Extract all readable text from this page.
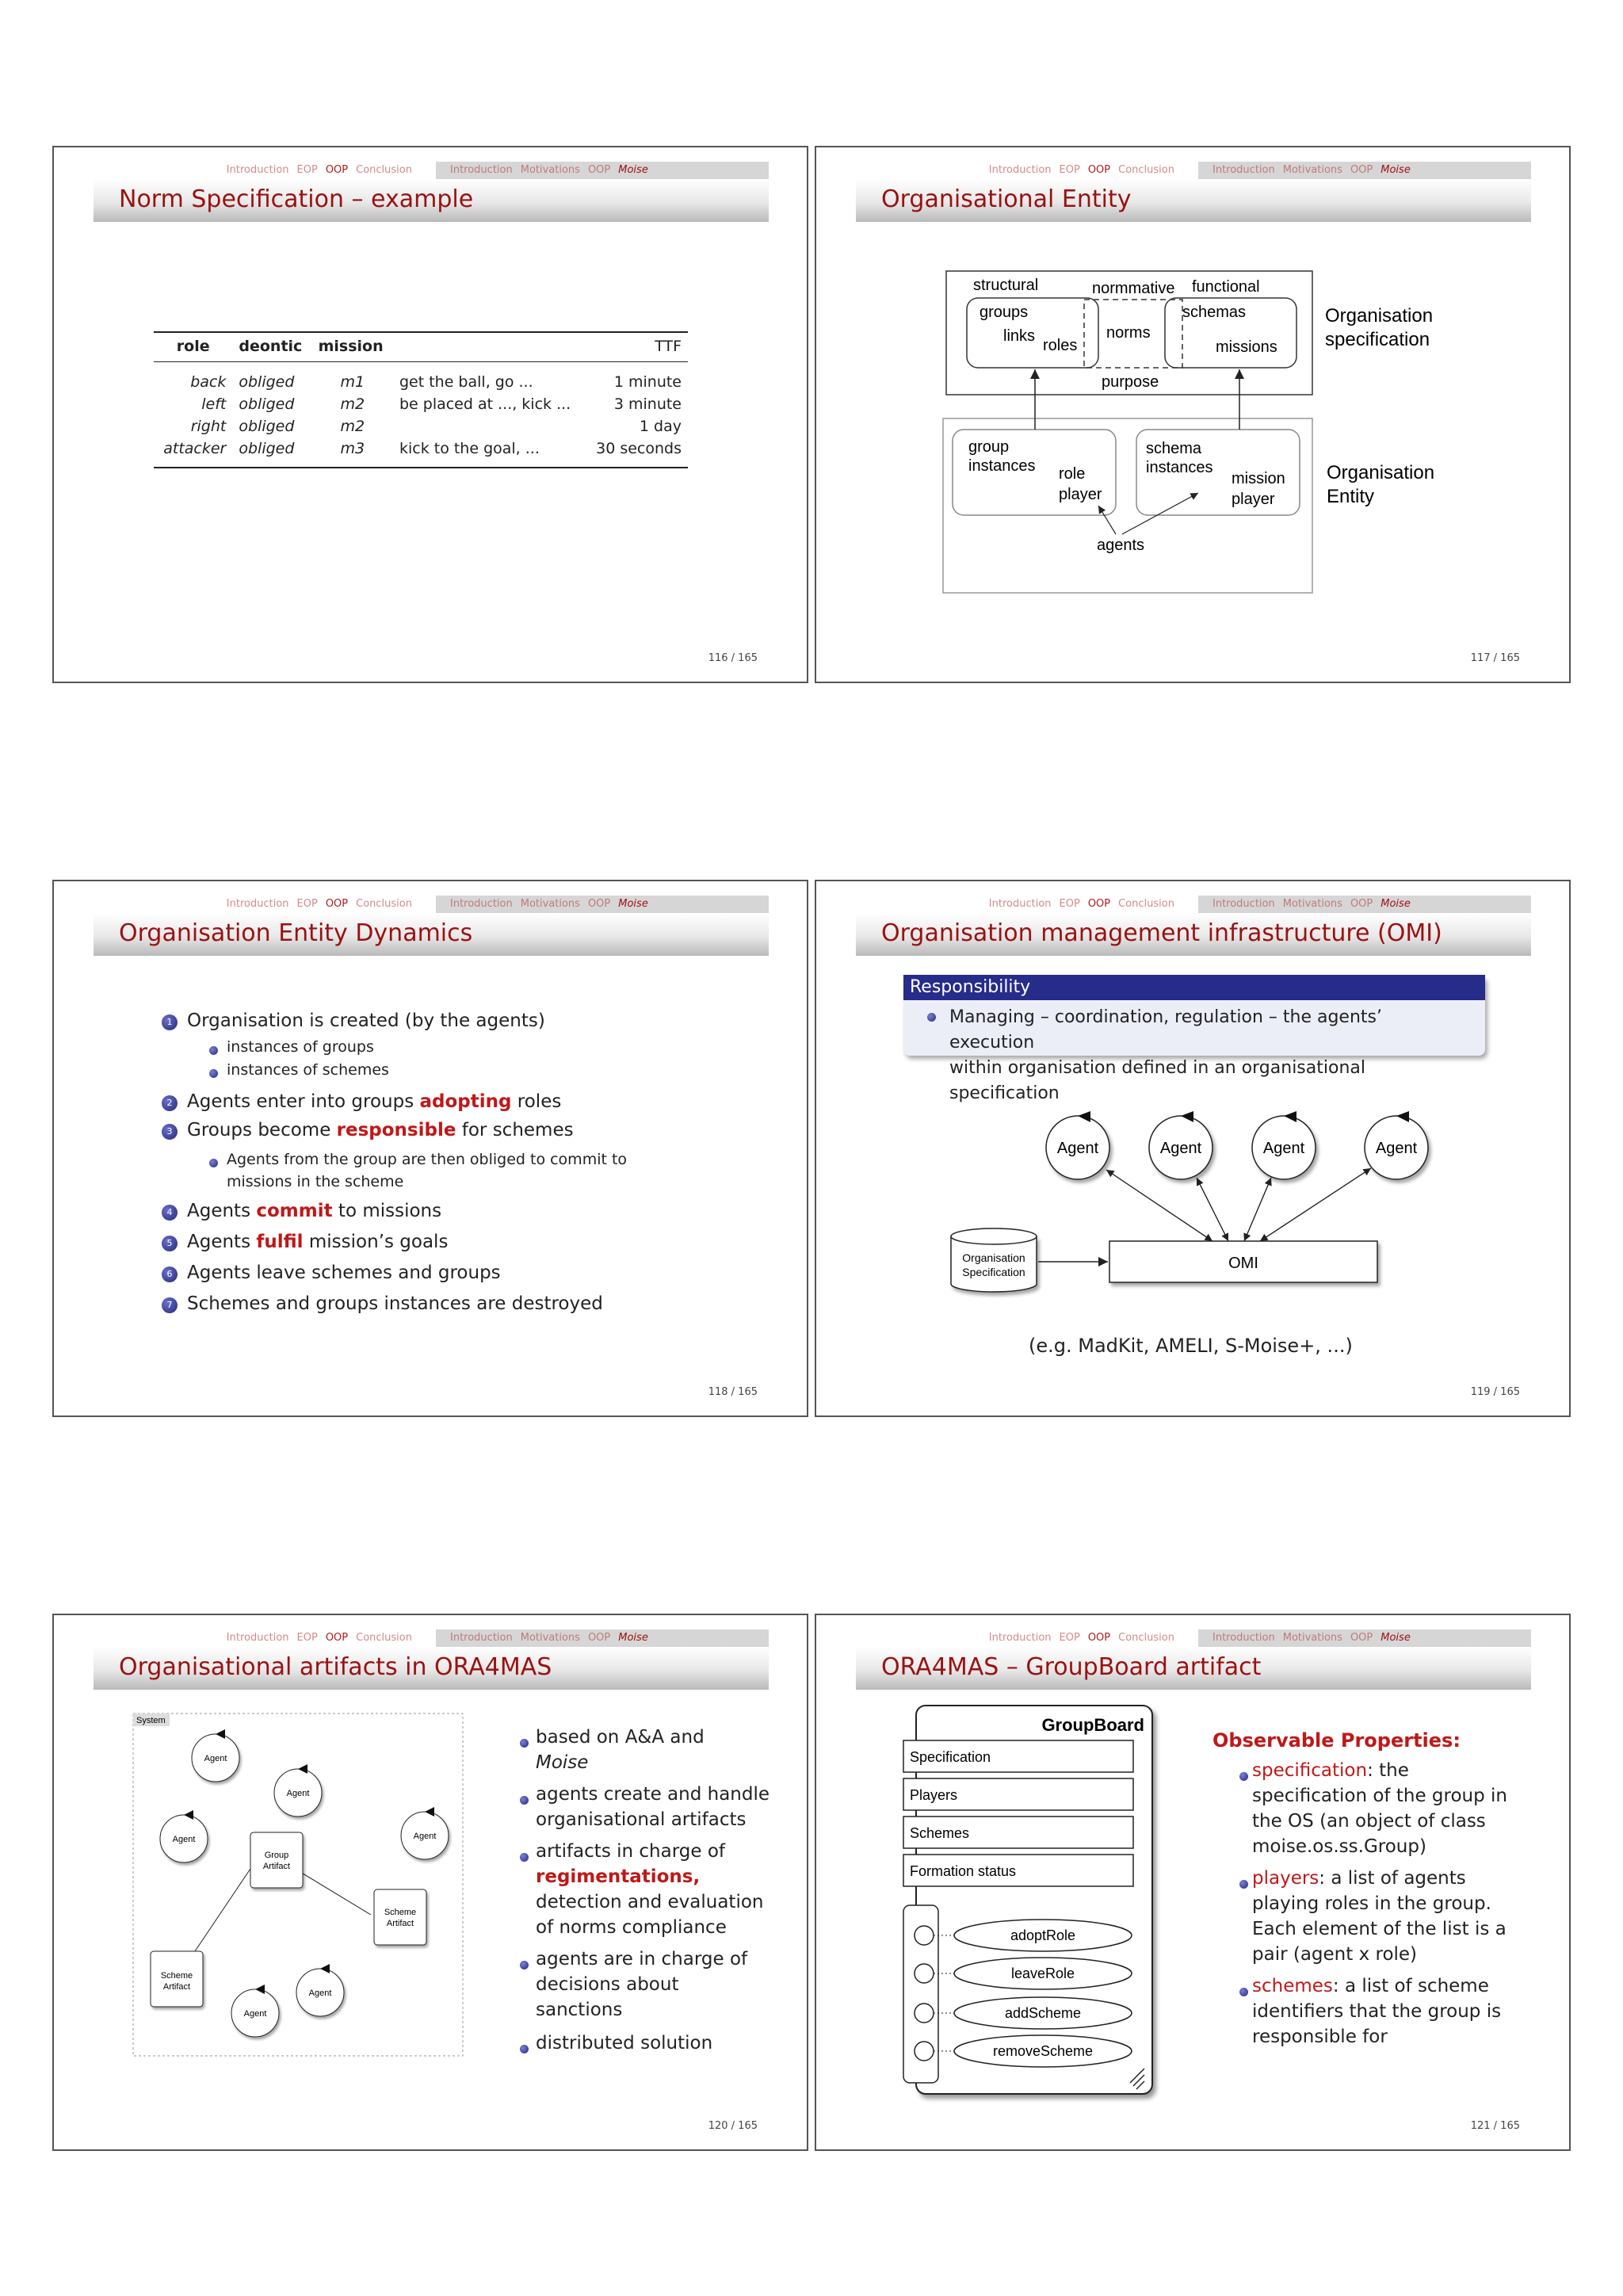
Introduction EOP OOP Conclusion	Introduction Motivations OOP Moise
Norm Specification – example
role	deontic	mission		TTF
back	obliged	m1	get the ball, go ...	1 minute
left	obliged	m2	be placed at ..., kick ...	3 minute
right	obliged	m2		1 day
attacker	obliged	m3	kick to the goal, ...	30 seconds
116 / 165
Introduction EOP OOP Conclusion	Introduction Motivations OOP Moise
Organisational Entity
structural	normmative functional
groups
links
roles
norms
schemas
missions
purpose
Organisation
specification
group
instances role
player
schema
instances
mission
player
agents
Organisation
Entity
117 / 165
Introduction EOP OOP Conclusion	Introduction Motivations OOP Moise
Organisation Entity Dynamics
1 Organisation is created (by the agents)
instances of groups
instances of schemes
2 Agents enter into groups adopting roles
3 Groups become responsible for schemes
Agents from the group are then obliged to commit to
missions in the scheme
4 Agents commit to missions
5 Agents fulfil mission’s goals
6 Agents leave schemes and groups
7 Schemes and groups instances are destroyed
118 / 165
Introduction EOP OOP Conclusion	Introduction Motivations OOP Moise
Organisation management infrastructure (OMI)
Responsibility
Managing – coordination, regulation – the agents’ execution
within organisation defined in an organisational specification
Agent	Agent	Agent	Agent
OMI
Organisation
Specification
(e.g. MadKit, AMELI, S-Moise+, ...)
119 / 165
Introduction EOP OOP Conclusion	Introduction Motivations OOP Moise
Organisational artifacts in ORA4MAS
System
Agent
Agent
Agent	Agent
Agent
Agent
Group
Artifact
Scheme
Artifact
Scheme
Artifact
based on A&A and
Moise
agents create and handle
organisational artifacts
artifacts in charge of
regimentations,
detection and evaluation
of norms compliance
agents are in charge of
decisions about
sanctions
distributed solution
120 / 165
Introduction EOP OOP Conclusion	Introduction Motivations OOP Moise
ORA4MAS – GroupBoard artifact
GroupBoard
Specification
Players
Schemes
Formation status
adoptRole
leaveRole
addScheme
removeScheme
Observable Properties:
specification: the
specification of the group in
the OS (an object of class
moise.os.ss.Group)
players: a list of agents
playing roles in the group.
Each element of the list is a
pair (agent x role)
schemes: a list of scheme
identifiers that the group is
responsible for
121 / 165
